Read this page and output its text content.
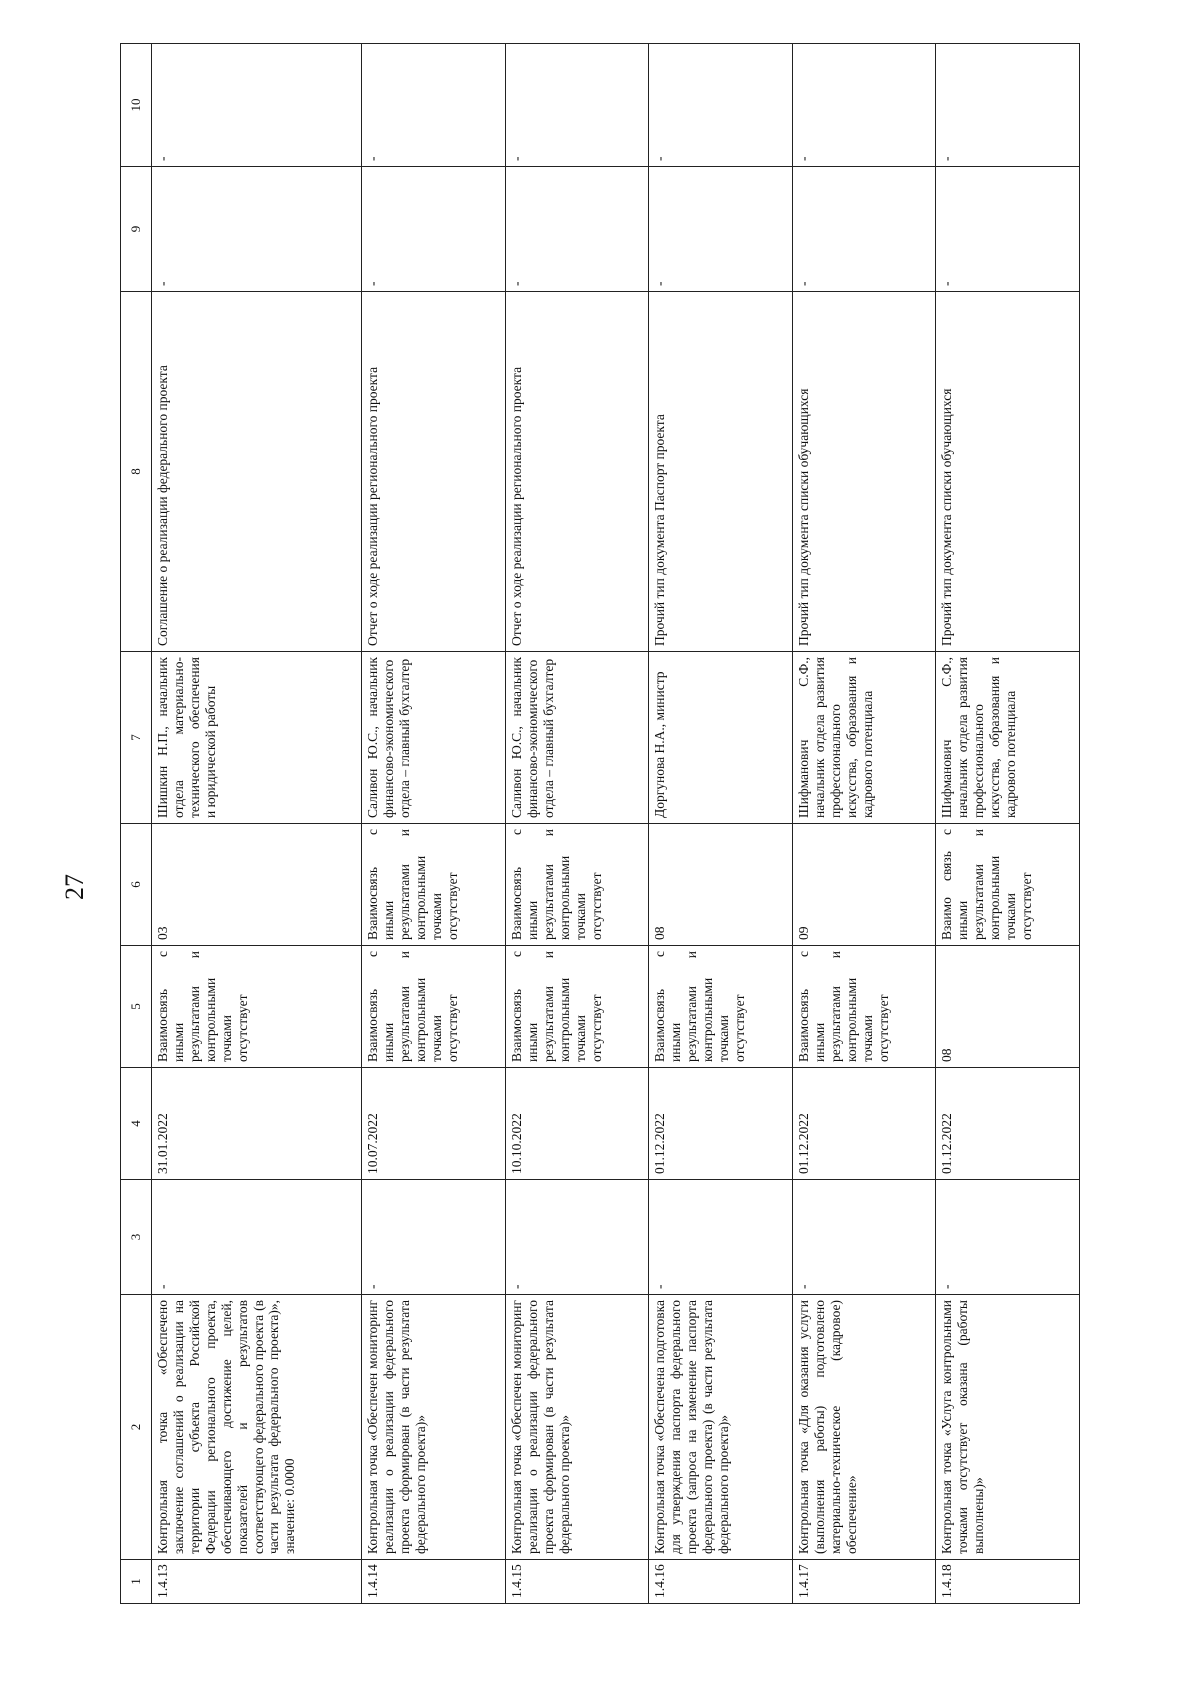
27
1	2	3	4	5	6	7	8	9	10
1.4.13	Контрольная точка «Обеспечено заключение соглашений о реализации на территории субъекта Российской Федерации регионального проекта, обеспечивающего достижение целей, показателей и результатов соответствующего федерального проекта (в части результата федерального проекта)», значение: 0.0000	-	31.01.2022	Взаимосвязь с иными результатами и контрольными точками отсутствует	03	Шишкин Н.П., начальник отдела материально-технического обеспечения и юридической работы	Соглашение о реализации федерального проекта	-	-
1.4.14	Контрольная точка «Обеспечен мониторинг реализации о реализации федерального проекта сформирован (в части результата федерального проекта)»	-	10.07.2022	Взаимосвязь с иными результатами и контрольными точками отсутствует	Взаимосвязь с иными результатами и контрольными точками отсутствует	Саливон Ю.С., начальник финансово-экономического отдела – главный бухгалтер	Отчет о ходе реализации регионального проекта	-	-
1.4.15	Контрольная точка «Обеспечен мониторинг реализации о реализации федерального проекта сформирован (в части результата федерального проекта)»	-	10.10.2022	Взаимосвязь с иными результатами и контрольными точками отсутствует	Взаимосвязь с иными результатами и контрольными точками отсутствует	Саливон Ю.С., начальник финансово-экономического отдела – главный бухгалтер	Отчет о ходе реализации регионального проекта	-	-
1.4.16	Контрольная точка «Обеспечена подготовка для утверждения паспорта федерального проекта (запроса на изменение паспорта федерального проекта) (в части результата федерального проекта)»	-	01.12.2022	Взаимосвязь с иными результатами и контрольными точками отсутствует	08	Доргунова Н.А., министр	Прочий тип документа Паспорт проекта	-	-
1.4.17	Контрольная точка «Для оказания услуги (выполнения работы) подготовлено материально-техническое (кадровое) обеспечение»	-	01.12.2022	Взаимосвязь с иными результатами и контрольными точками отсутствует	09	Шифманович С.Ф., начальник отдела развития профессионального искусства, образования и кадрового потенциала	Прочий тип документа списки обучающихся	-	-
1.4.18	Контрольная точка «Услуга контрольными точками отсутствует оказана (работы выполнены)»	-	01.12.2022	08	Взаимо связь с иными результатами и контрольными точками отсутствует	Шифманович С.Ф., начальник отдела развития профессионального искусства, образования и кадрового потенциала	Прочий тип документа списки обучающихся	-	-
